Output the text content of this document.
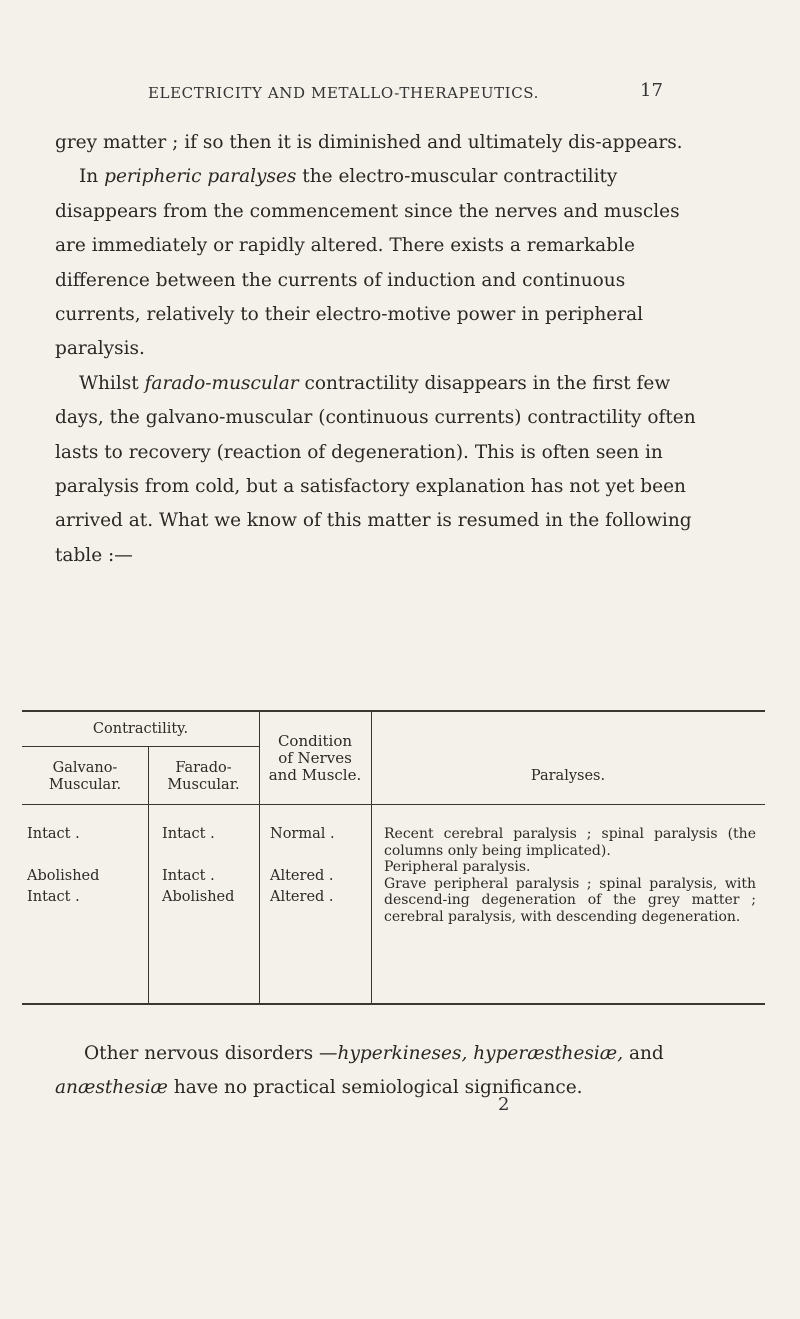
ELECTRICITY AND METALLO-THERAPEUTICS.	17

grey matter ; if so then it is diminished and ultimately dis-appears.

In peripheric paralyses the electro-muscular contractility disappears from the commencement since the nerves and muscles are immediately or rapidly altered. There exists a remarkable difference between the currents of induction and continuous currents, relatively to their electro-motive power in peripheral paralysis.

Whilst farado-muscular contractility disappears in the first few days, the galvano-muscular (continuous currents) contractility often lasts to recovery (reaction of degeneration). This is often seen in paralysis from cold, but a satisfactory explanation has not yet been arrived at. What we know of this matter is resumed in the following table :—

Contractility.
Galvano-
Muscular.
Farado-
Muscular.
Condition
of Nerves
and Muscle.	Paralyses.
Intact .
Abolished
Intact .
Intact .
Intact .
Abolished
Normal .
Altered .
Altered .
Recent cerebral paralysis ; spinal paralysis (the columns only being implicated).
Peripheral paralysis.
Grave peripheral paralysis ; spinal paralysis, with descend-ing degeneration of the grey matter ; cerebral paralysis, with descending degeneration.

Other nervous disorders —hyperkineses, hyperæsthesiæ, and anæsthesiæ have no practical semiological significance.

2
